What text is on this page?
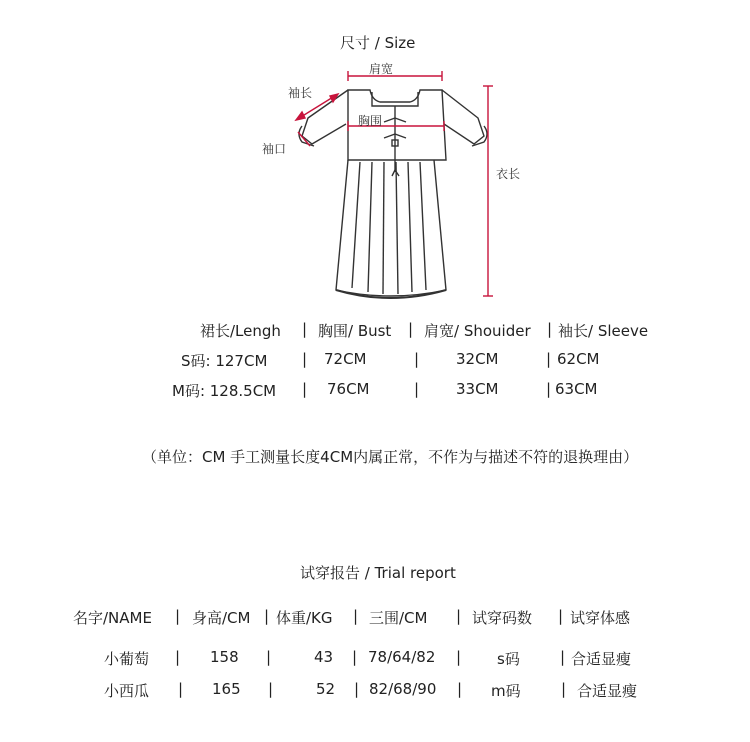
尺寸 / Size
肩宽
袖长
袖口
胸围
衣长
裙长/Lengh | 胸围/ Bust | 肩宽/ Shouider | 袖长/ Sleeve
S码: 127CM | 72CM	| 32CM	| 62CM
M码: 128.5CM | 76CM	| 33CM	| 63CM
（单位：CM 手工测量长度4CM内属正常，不作为与描述不符的退换理由）
试穿报告 / Trial report
名字/NAME | 身高/CM | 体重/KG | 三围/CM | 试穿码数 | 试穿体感
小葡萄 | 158 |	43 | 78/64/82 | s码	| 合适显瘦
小西瓜 | 165 |	52 | 82/68/90 | m码	| 合适显瘦
